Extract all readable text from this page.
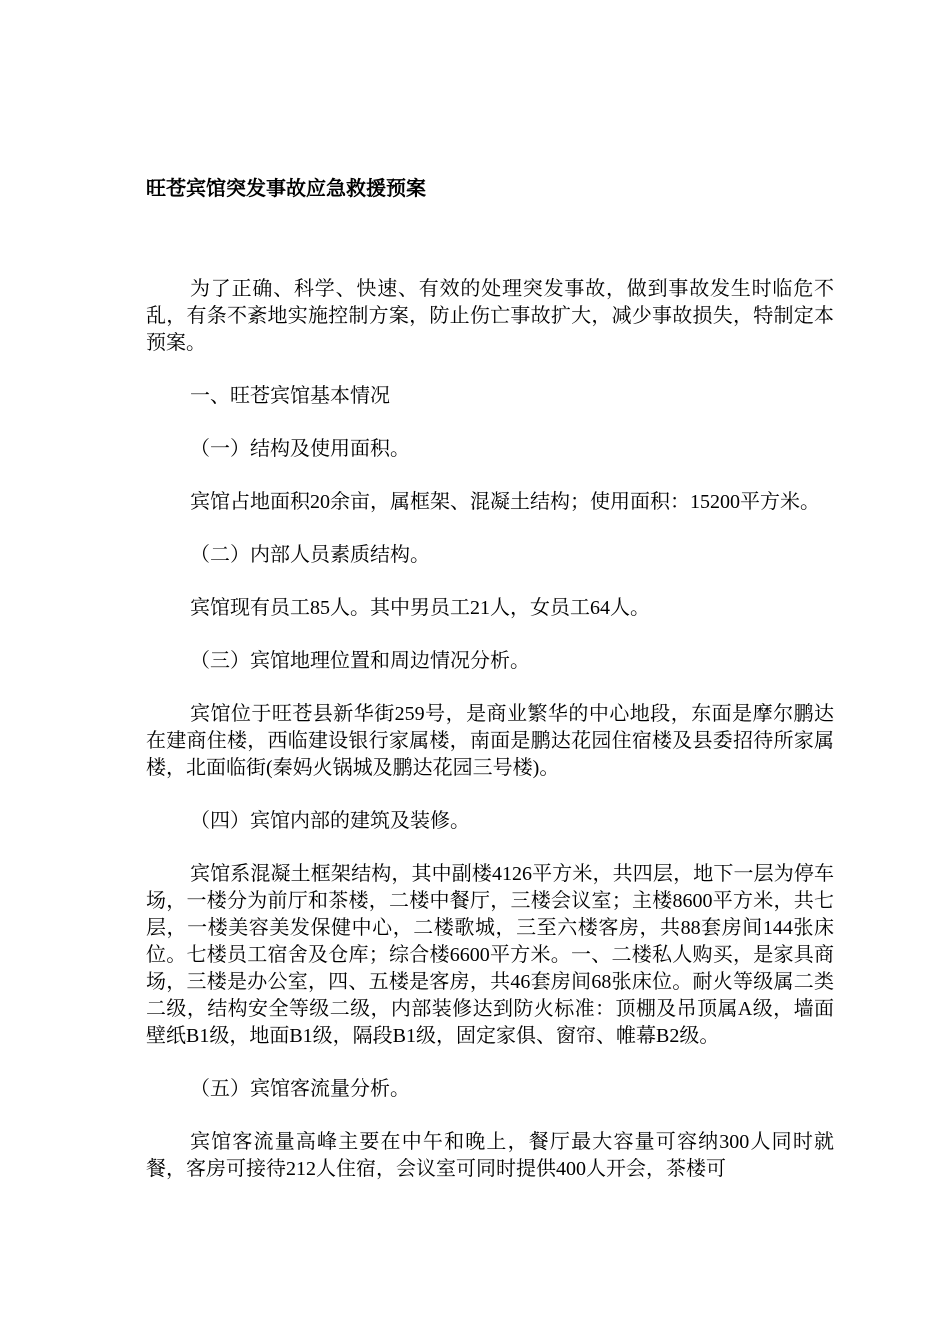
旺苍宾馆突发事故应急救援预案

为了正确、科学、快速、有效的处理突发事故，做到事故发生时临危不乱，有条不紊地实施控制方案，防止伤亡事故扩大，减少事故损失，特制定本预案。

一、旺苍宾馆基本情况

（一）结构及使用面积。

宾馆占地面积20余亩，属框架、混凝土结构；使用面积：15200平方米。

（二）内部人员素质结构。

宾馆现有员工85人。其中男员工21人，女员工64人。

（三）宾馆地理位置和周边情况分析。

宾馆位于旺苍县新华街259号，是商业繁华的中心地段，东面是摩尔鹏达在建商住楼，西临建设银行家属楼，南面是鹏达花园住宿楼及县委招待所家属楼，北面临街(秦妈火锅城及鹏达花园三号楼)。

（四）宾馆内部的建筑及装修。

宾馆系混凝土框架结构，其中副楼4126平方米，共四层，地下一层为停车场，一楼分为前厅和茶楼，二楼中餐厅，三楼会议室；主楼8600平方米，共七层，一楼美容美发保健中心，二楼歌城，三至六楼客房，共88套房间144张床位。七楼员工宿舍及仓库；综合楼6600平方米。一、二楼私人购买，是家具商场，三楼是办公室，四、五楼是客房，共46套房间68张床位。耐火等级属二类二级，结构安全等级二级，内部装修达到防火标准：顶棚及吊顶属A级，墙面壁纸B1级，地面B1级，隔段B1级，固定家俱、窗帘、帷幕B2级。

（五）宾馆客流量分析。

宾馆客流量高峰主要在中午和晚上，餐厅最大容量可容纳300人同时就餐，客房可接待212人住宿，会议室可同时提供400人开会，茶楼可
